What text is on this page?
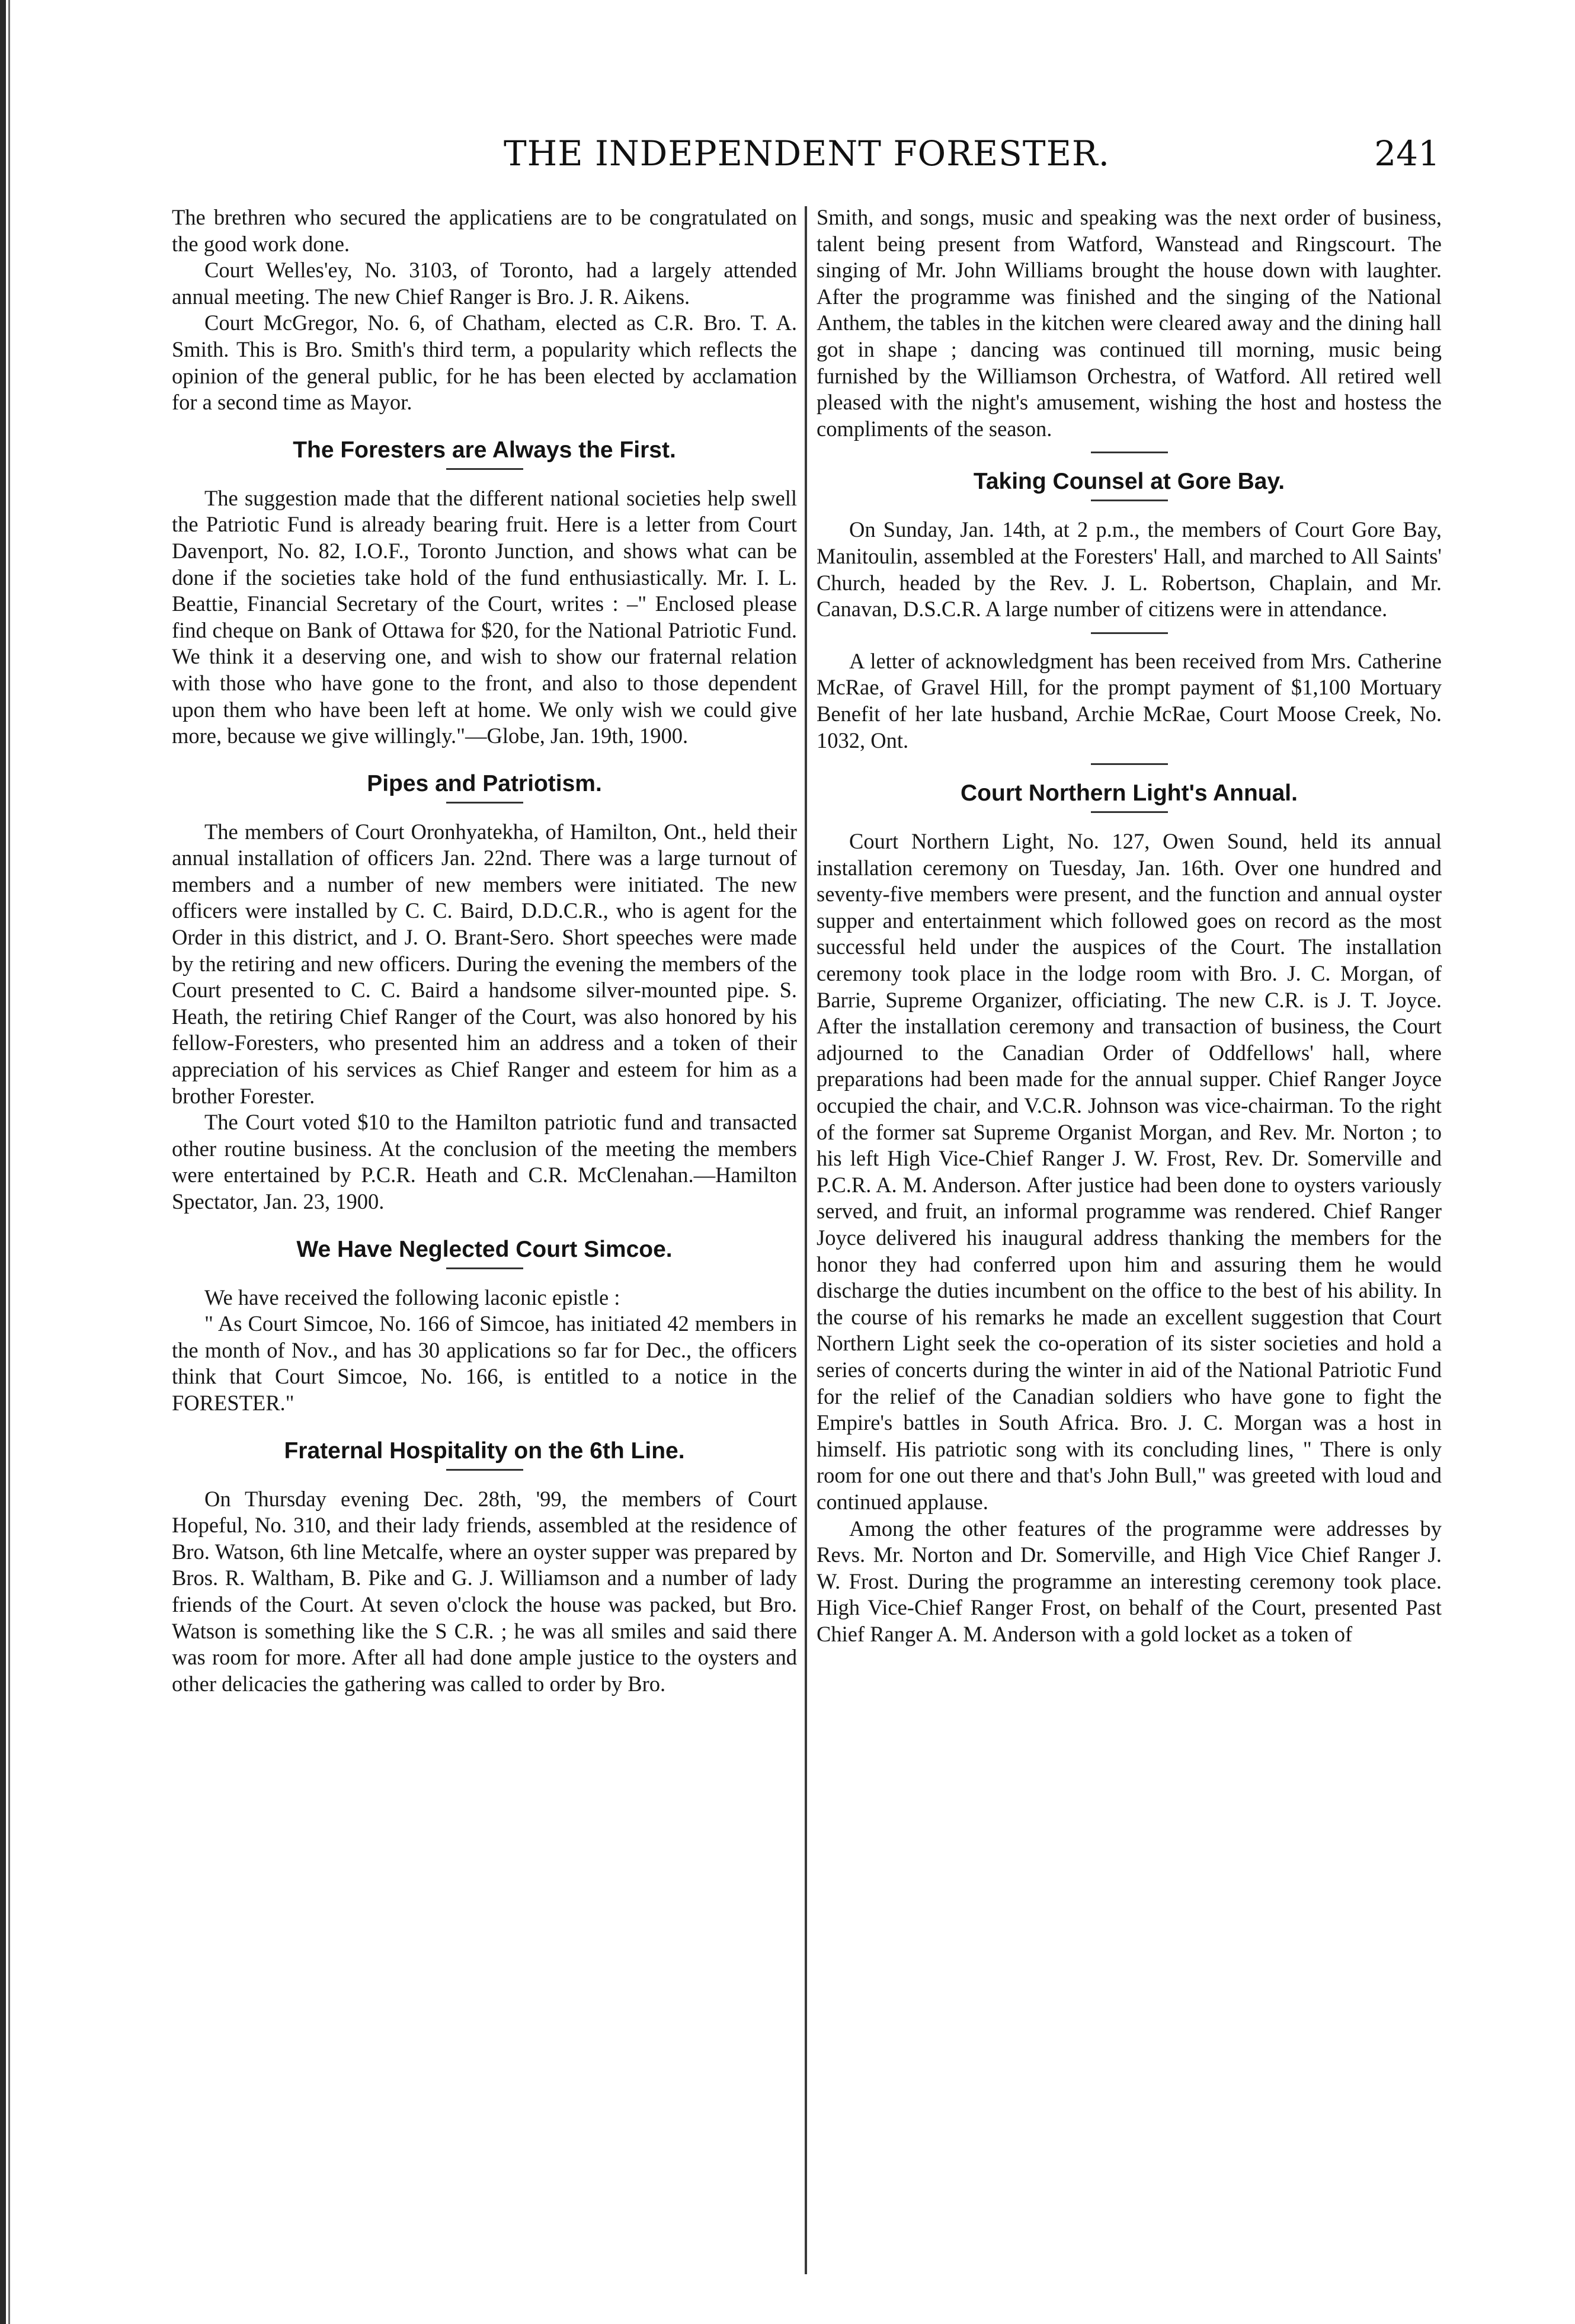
THE INDEPENDENT FORESTER.	241

The brethren who secured the applicatiens are to be congratulated on the good work done.

Court Welles'ey, No. 3103, of Toronto, had a largely attended annual meeting. The new Chief Ranger is Bro. J. R. Aikens.

Court McGregor, No. 6, of Chatham, elected as C.R. Bro. T. A. Smith. This is Bro. Smith's third term, a popularity which reflects the opinion of the general public, for he has been elected by acclamation for a second time as Mayor.

The Foresters are Always the First.

The suggestion made that the different national societies help swell the Patriotic Fund is already bearing fruit. Here is a letter from Court Davenport, No. 82, I.O.F., Toronto Junction, and shows what can be done if the societies take hold of the fund enthusiastically. Mr. I. L. Beattie, Financial Secretary of the Court, writes : –" Enclosed please find cheque on Bank of Ottawa for $20, for the National Patriotic Fund. We think it a deserving one, and wish to show our fraternal relation with those who have gone to the front, and also to those dependent upon them who have been left at home. We only wish we could give more, because we give willingly."—Globe, Jan. 19th, 1900.

Pipes and Patriotism.

The members of Court Oronhyatekha, of Hamilton, Ont., held their annual installation of officers Jan. 22nd. There was a large turnout of members and a number of new members were initiated. The new officers were installed by C. C. Baird, D.D.C.R., who is agent for the Order in this district, and J. O. Brant-Sero. Short speeches were made by the retiring and new officers. During the evening the members of the Court presented to C. C. Baird a handsome silver-mounted pipe. S. Heath, the retiring Chief Ranger of the Court, was also honored by his fellow-Foresters, who presented him an address and a token of their appreciation of his services as Chief Ranger and esteem for him as a brother Forester.

The Court voted $10 to the Hamilton patriotic fund and transacted other routine business. At the conclusion of the meeting the members were entertained by P.C.R. Heath and C.R. McClenahan.—Hamilton Spectator, Jan. 23, 1900.

We Have Neglected Court Simcoe.

We have received the following laconic epistle :

" As Court Simcoe, No. 166 of Simcoe, has initiated 42 members in the month of Nov., and has 30 applications so far for Dec., the officers think that Court Simcoe, No. 166, is entitled to a notice in the FORESTER."

Fraternal Hospitality on the 6th Line.

On Thursday evening Dec. 28th, '99, the members of Court Hopeful, No. 310, and their lady friends, assembled at the residence of Bro. Watson, 6th line Metcalfe, where an oyster supper was prepared by Bros. R. Waltham, B. Pike and G. J. Williamson and a number of lady friends of the Court. At seven o'clock the house was packed, but Bro. Watson is something like the S C.R. ; he was all smiles and said there was room for more. After all had done ample justice to the oysters and other delicacies the gathering was called to order by Bro.

Smith, and songs, music and speaking was the next order of business, talent being present from Watford, Wanstead and Ringscourt. The singing of Mr. John Williams brought the house down with laughter. After the programme was finished and the singing of the National Anthem, the tables in the kitchen were cleared away and the dining hall got in shape ; dancing was continued till morning, music being furnished by the Williamson Orchestra, of Watford. All retired well pleased with the night's amusement, wishing the host and hostess the compliments of the season.

Taking Counsel at Gore Bay.

On Sunday, Jan. 14th, at 2 p.m., the members of Court Gore Bay, Manitoulin, assembled at the Foresters' Hall, and marched to All Saints' Church, headed by the Rev. J. L. Robertson, Chaplain, and Mr. Canavan, D.S.C.R. A large number of citizens were in attendance.

A letter of acknowledgment has been received from Mrs. Catherine McRae, of Gravel Hill, for the prompt payment of $1,100 Mortuary Benefit of her late husband, Archie McRae, Court Moose Creek, No. 1032, Ont.

Court Northern Light's Annual.

Court Northern Light, No. 127, Owen Sound, held its annual installation ceremony on Tuesday, Jan. 16th. Over one hundred and seventy-five members were present, and the function and annual oyster supper and entertainment which followed goes on record as the most successful held under the auspices of the Court. The installation ceremony took place in the lodge room with Bro. J. C. Morgan, of Barrie, Supreme Organizer, officiating. The new C.R. is J. T. Joyce. After the installation ceremony and transaction of business, the Court adjourned to the Canadian Order of Oddfellows' hall, where preparations had been made for the annual supper. Chief Ranger Joyce occupied the chair, and V.C.R. Johnson was vice-chairman. To the right of the former sat Supreme Organist Morgan, and Rev. Mr. Norton ; to his left High Vice-Chief Ranger J. W. Frost, Rev. Dr. Somerville and P.C.R. A. M. Anderson. After justice had been done to oysters variously served, and fruit, an informal programme was rendered. Chief Ranger Joyce delivered his inaugural address thanking the members for the honor they had conferred upon him and assuring them he would discharge the duties incumbent on the office to the best of his ability. In the course of his remarks he made an excellent suggestion that Court Northern Light seek the co-operation of its sister societies and hold a series of concerts during the winter in aid of the National Patriotic Fund for the relief of the Canadian soldiers who have gone to fight the Empire's battles in South Africa. Bro. J. C. Morgan was a host in himself. His patriotic song with its concluding lines, " There is only room for one out there and that's John Bull," was greeted with loud and continued applause.

Among the other features of the programme were addresses by Revs. Mr. Norton and Dr. Somerville, and High Vice Chief Ranger J. W. Frost. During the programme an interesting ceremony took place. High Vice-Chief Ranger Frost, on behalf of the Court, presented Past Chief Ranger A. M. Anderson with a gold locket as a token of
